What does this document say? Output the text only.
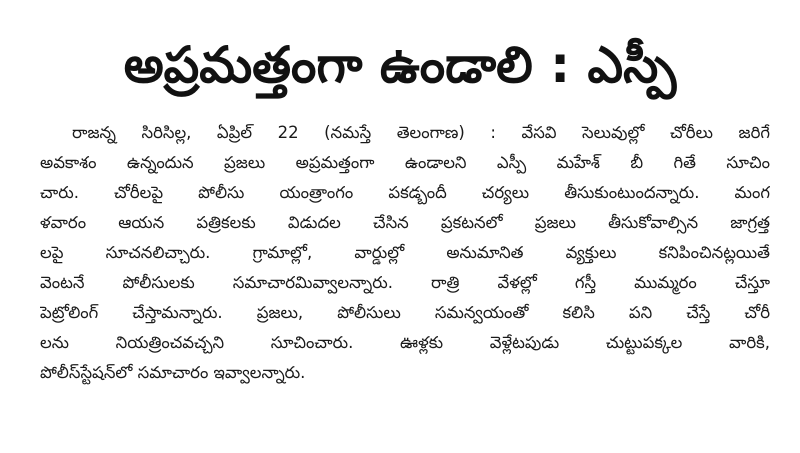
అప్రమత్తంగా ఉండాలి : ఎస్పీ
రాజన్న సిరిసిల్ల, ఏప్రిల్ 22 (నమస్తే తెలంగాణ) : వేసవి సెలువుల్లో చోరీలు జరిగే
అవకాశం ఉన్నందున ప్రజలు అప్రమత్తంగా ఉండాలని ఎస్పీ మహేశ్ బీ గితే సూచిం
చారు. చోరీలపై పోలీసు యంత్రాంగం పకడ్బందీ చర్యలు తీసుకుంటుందన్నారు. మంగ
ళవారం ఆయన పత్రికలకు విడుదల చేసిన ప్రకటనలో ప్రజలు తీసుకోవాల్సిన జాగ్రత్త
లపై సూచనలిచ్చారు. గ్రామాల్లో, వార్డుల్లో అనుమానిత వ్యక్తులు కనిపించినట్లయితే
వెంటనే పోలీసులకు సమాచారమివ్వాలన్నారు. రాత్రి వేళల్లో గస్తీ ముమ్మరం చేస్తూ
పెట్రోలింగ్ చేస్తామన్నారు. ప్రజలు, పోలీసులు సమన్వయంతో కలిసి పని చేస్తే చోరీ
లను నియత్రించవచ్చని సూచించారు. ఊళ్లకు వెళ్లేటపుడు చుట్టుపక్కల వారికి,
పోలీస్‌స్టేషన్‌లో సమాచారం ఇవ్వాలన్నారు.
